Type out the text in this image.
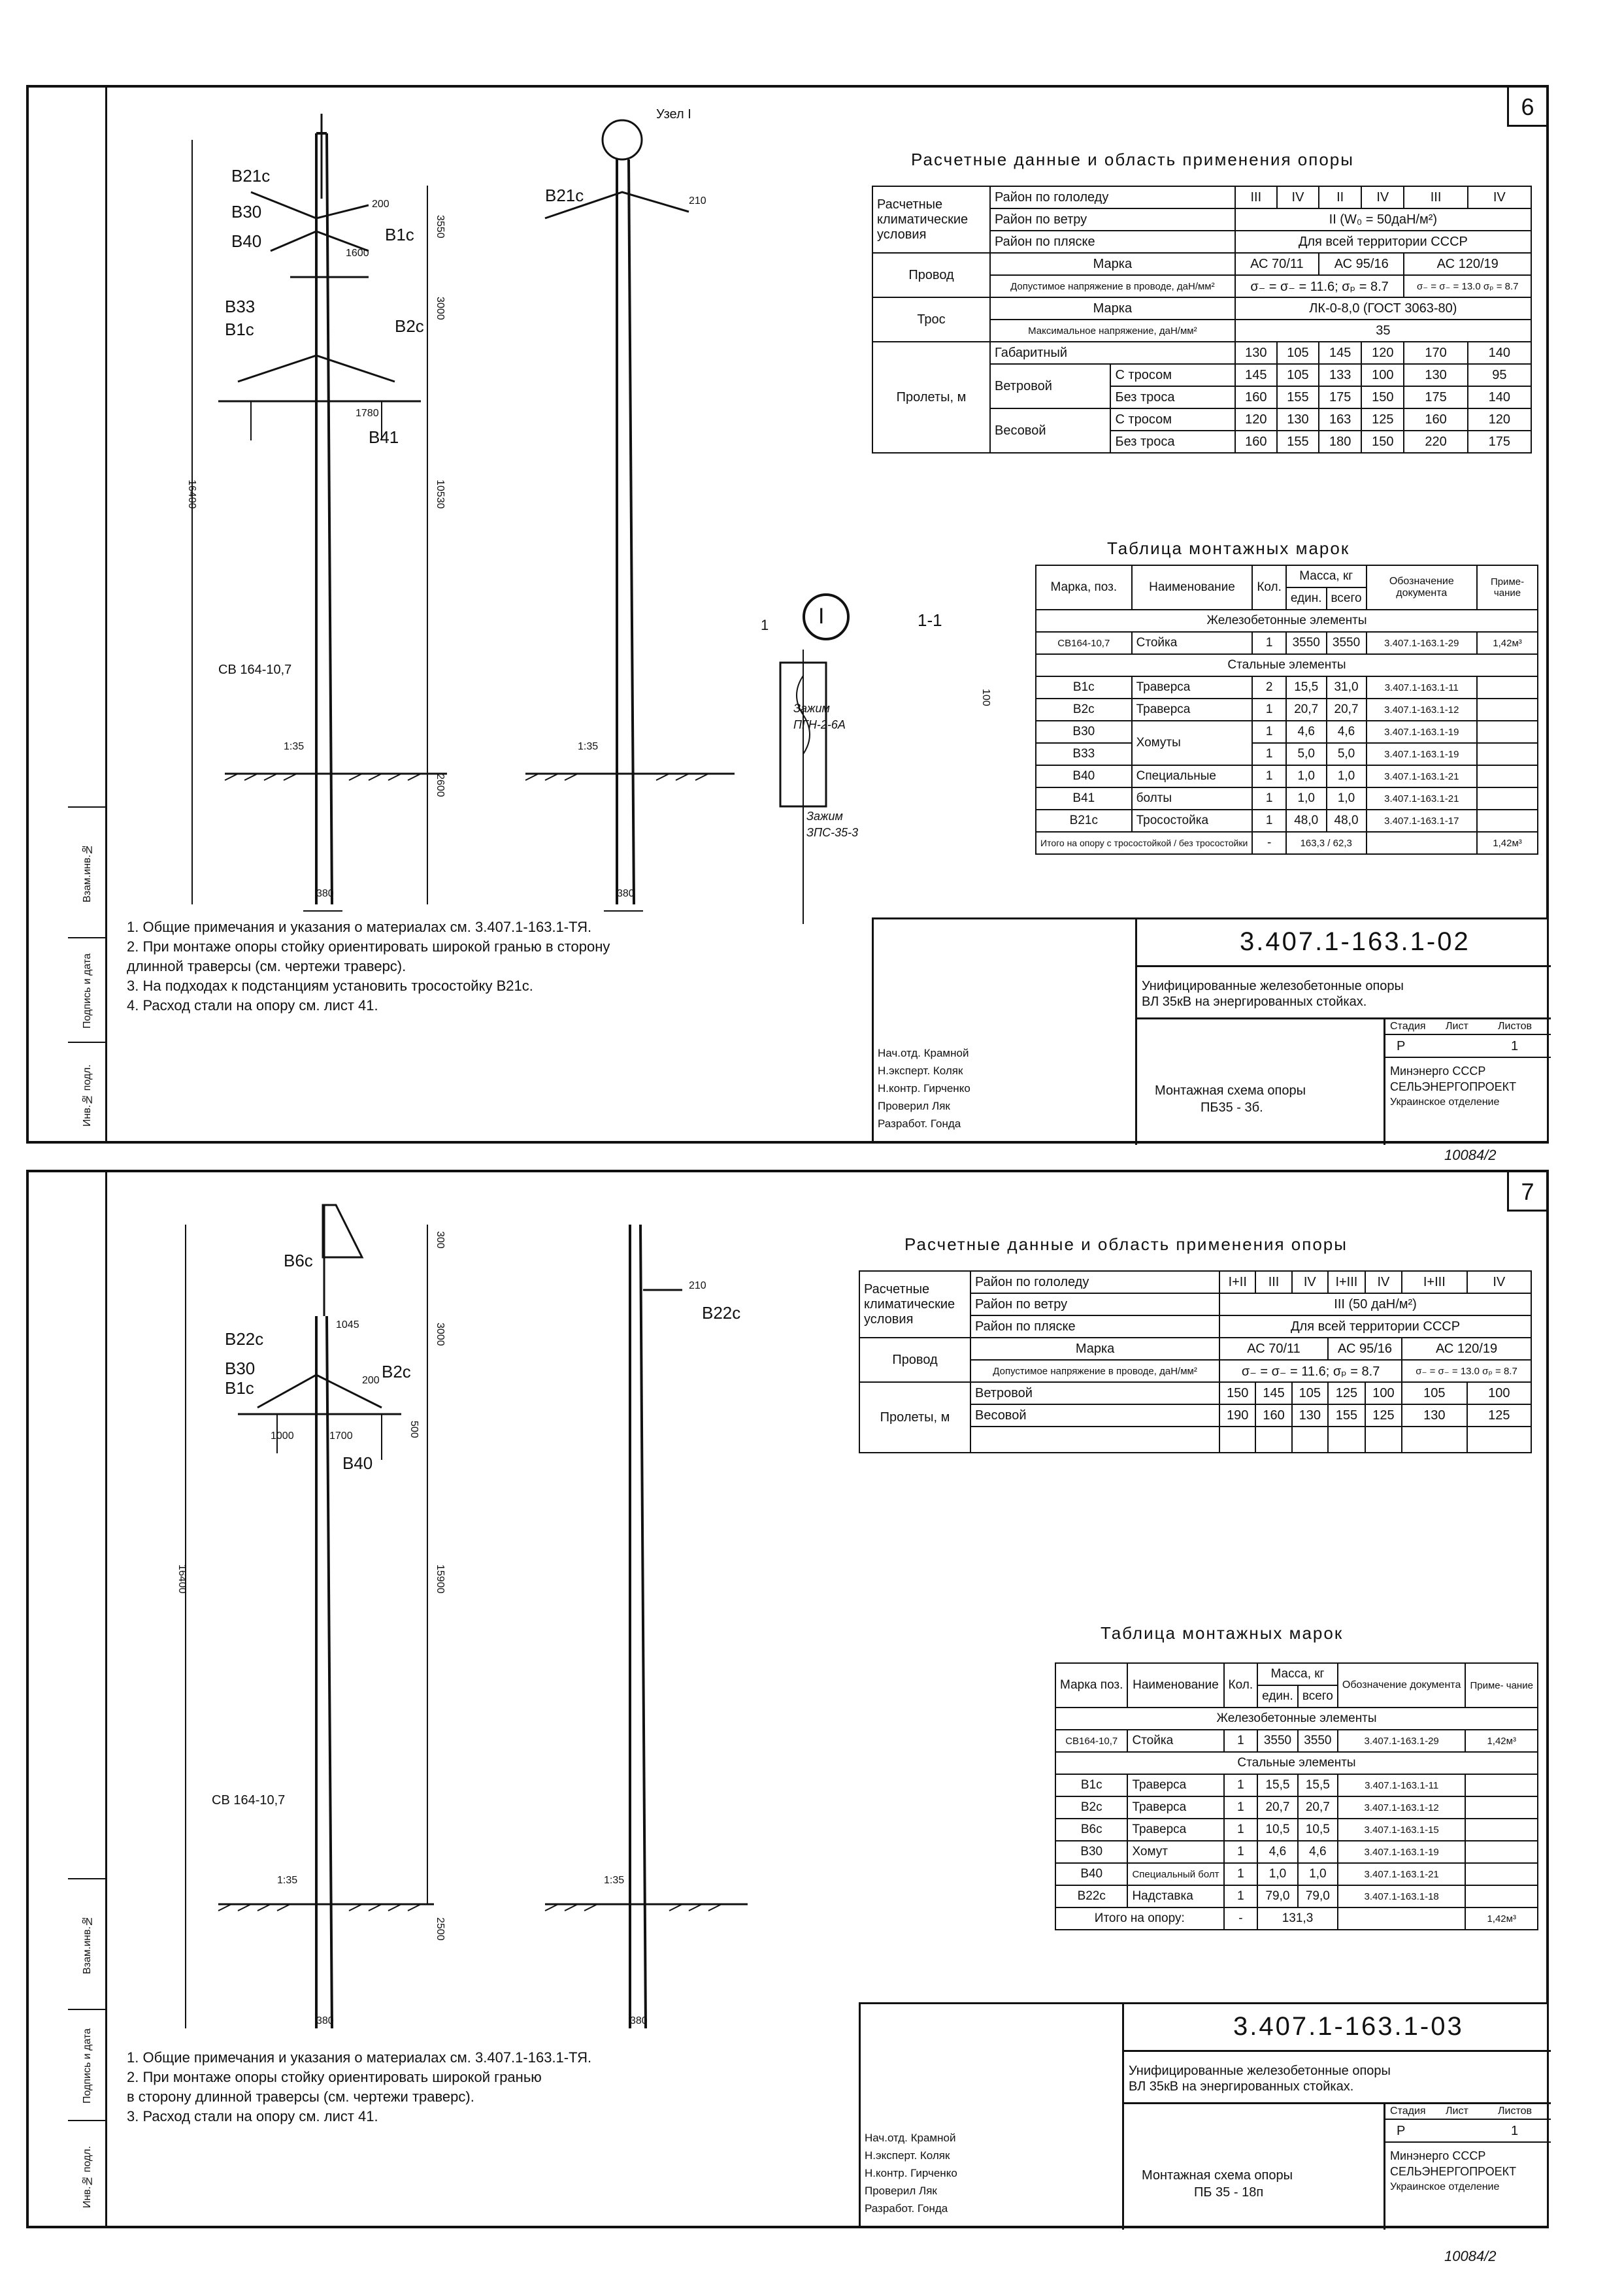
6
Взам.инв.№
Подпись и дата
Инв.№ подл.
B21c
B30
B40	B1c
B33
B1c	B2c
B41
B21c
Узел I
СВ 164-10,7
200
1600
1780
3550
3000
10530
16400
2600
380	380
210
1:35	1:35
I
1	1-1
Зажим
ПГН-2-6А
Зажим
ЗПС-35-3
100
Расчетные данные и область применения опоры
Расчетные климатические условия	Район по гололеду		III	IV	II	IV	III	IV
	Район по ветру		II (W₀ = 50даН/м²)					
	Район по пляске		Для всей территории СССР					
Провод	Марка		АС 70/11		АС 95/16		АС 120/19	
	Допустимое напряжение в проводе, даН/мм²		σ₋ = σ₋ = 11.6; σₚ = 8.7				σ₋ = σ₋ = 13.0 σₚ = 8.7	
Трос	Марка		ЛК-0-8,0 (ГОСТ 3063-80)					
	Максимальное напряжение, даН/мм²		35					
Пролеты, м	Габаритный		130	105	145	120	170	140
	Ветровой	С тросом	145	105	133	100	130	95
		Без троса	160	155	175	150	175	140
	Весовой	С тросом	120	130	163	125	160	120
		Без троса	160	155	180	150	220	175
Таблица монтажных марок
Марка, поз.	Наименование	Кол.	Масса, кг		Обозначение документа	Приме- чание
			един.	всего		
Железобетонные элементы						
СВ164-10,7	Стойка	1	3550	3550	3.407.1-163.1-29	1,42м³
Стальные элементы						
B1c	Траверса	2	15,5	31,0	3.407.1-163.1-11	
B2c	Траверса	1	20,7	20,7	3.407.1-163.1-12	
B30	Хомуты	1	4,6	4,6	3.407.1-163.1-19	
B33		1	5,0	5,0	3.407.1-163.1-19	
B40	Специальные	1	1,0	1,0	3.407.1-163.1-21	
B41	болты	1	1,0	1,0	3.407.1-163.1-21	
B21c	Тросостойка	1	48,0	48,0	3.407.1-163.1-17	
Итого на опору с тросостойкой / без тросостойки		-	163,3 / 62,3			1,42м³
1. Общие примечания и указания о материалах см. 3.407.1-163.1-ТЯ.
2. При монтаже опоры стойку ориентировать широкой гранью в сторону
длинной траверсы (см. чертежи траверс).
3. На подходах к подстанциям установить тросостойку B21c.
4. Расход стали на опору см. лист 41.
3.407.1-163.1-02
Унифицированные железобетонные опоры
ВЛ 35кВ на энергированных стойках.
Стадия Лист	Листов
Р	1
Монтажная схема опоры
ПБ35 - 3б.
Минэнерго СССР
СЕЛЬЭНЕРГОПРОЕКТ
Украинское отделение
Нач.отд. Крамной
Н.эксперт. Коляк
Н.контр. Гирченко
Проверил Ляк
Разработ. Гонда
10084/2
7
Взам.инв.№
Подпись и дата
Инв.№ подл.
B6c
B22c
B30
B1c
B2c
B40
B22c
СВ 164-10,7
300
1045
200
3000
1000	1700	500
15900
16400
2500
380	380
210
1:35	1:35
Расчетные данные и область применения опоры
Расчетные климатические условия	Район по гололеду	I+II	III	IV	I+III	IV	I+III	IV
	Район по ветру	III (50 даН/м²)						
	Район по пляске	Для всей территории СССР						
Провод	Марка	АС 70/11			АС 95/16		АС 120/19	
	Допустимое напряжение в проводе, даН/мм²	σ₋ = σ₋ = 11.6; σₚ = 8.7					σ₋ = σ₋ = 13.0 σₚ = 8.7	
Пролеты, м	Ветровой	150	145	105	125	100	105	100
	Весовой	190	160	130	155	125	130	125

Таблица монтажных марок
Марка поз.	Наименование	Кол.	Масса, кг		Обозначение документа	Приме- чание
			един.	всего		
Железобетонные элементы						
СВ164-10,7	Стойка	1	3550	3550	3.407.1-163.1-29	1,42м³
Стальные элементы						
B1c	Траверса	1	15,5	15,5	3.407.1-163.1-11	
B2c	Траверса	1	20,7	20,7	3.407.1-163.1-12	
B6c	Траверса	1	10,5	10,5	3.407.1-163.1-15	
B30	Хомут	1	4,6	4,6	3.407.1-163.1-19	
B40	Специальный болт	1	1,0	1,0	3.407.1-163.1-21	
B22c	Надставка	1	79,0	79,0	3.407.1-163.1-18	
Итого на опору:		-	131,3			1,42м³
1. Общие примечания и указания о материалах см. 3.407.1-163.1-ТЯ.
2. При монтаже опоры стойку ориентировать широкой гранью
в сторону длинной траверсы (см. чертежи траверс).
3. Расход стали на опору см. лист 41.
3.407.1-163.1-03
Унифицированные железобетонные опоры
ВЛ 35кВ на энергированных стойках.
Стадия Лист	Листов
Р	1
Монтажная схема опоры
ПБ 35 - 18п
Минэнерго СССР
СЕЛЬЭНЕРГОПРОЕКТ
Украинское отделение
Нач.отд. Крамной
Н.эксперт. Коляк
Н.контр. Гирченко
Проверил Ляк
Разработ. Гонда
10084/2
